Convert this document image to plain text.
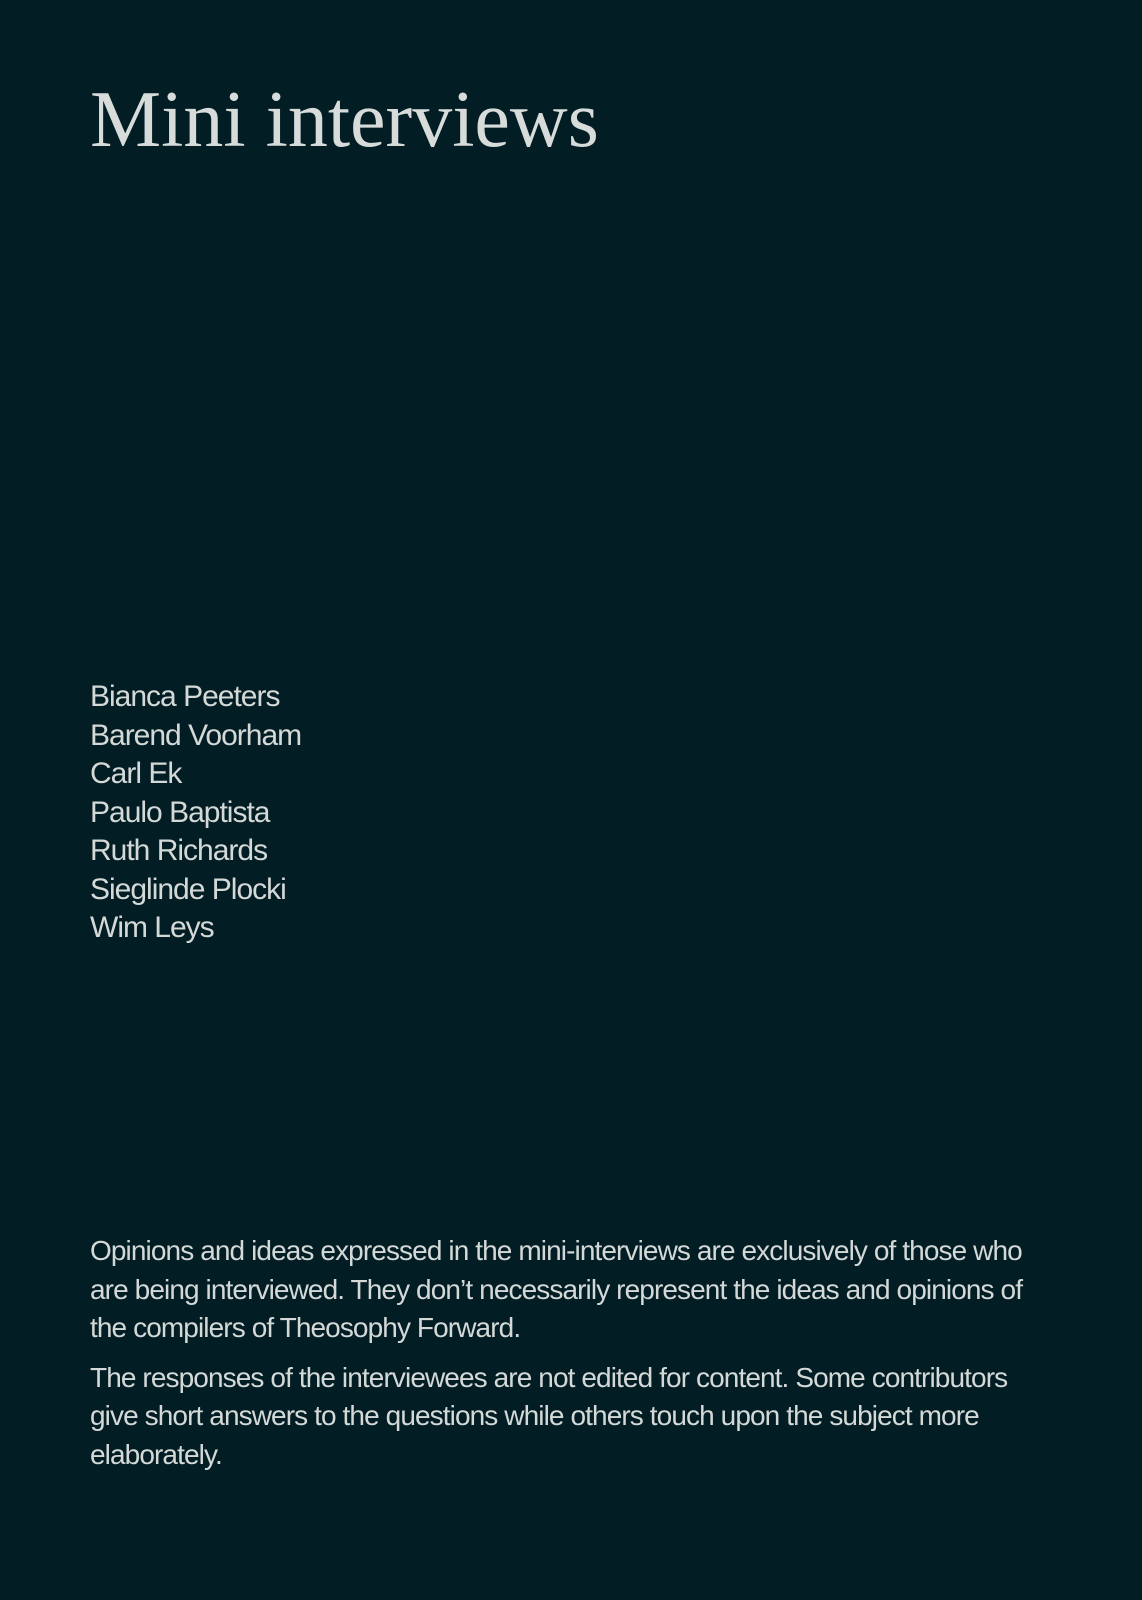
Mini interviews
Bianca Peeters
Barend Voorham
Carl Ek
Paulo Baptista
Ruth Richards
Sieglinde Plocki
Wim Leys

Opinions and ideas expressed in the mini-interviews are exclusively of those who are being interviewed. They don’t necessarily represent the ideas and opinions of the compilers of Theosophy Forward.

The responses of the interviewees are not edited for content. Some contributors give short answers to the questions while others touch upon the subject more elaborately.
